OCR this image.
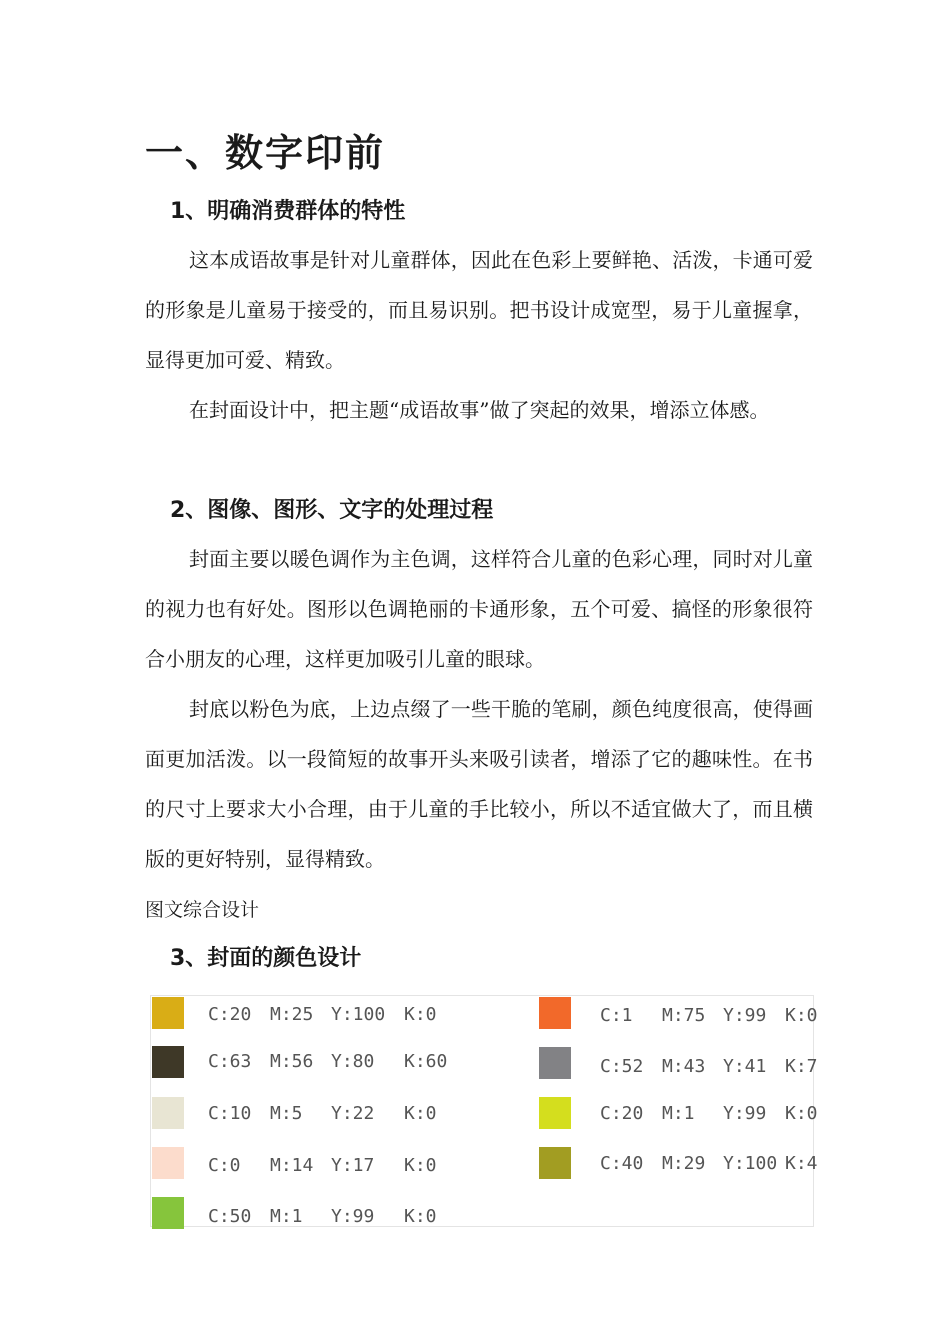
一、数字印前
1、明确消费群体的特性

这本成语故事是针对儿童群体，因此在色彩上要鲜艳、活泼，卡通可爱的形象是儿童易于接受的，而且易识别。把书设计成宽型，易于儿童握拿，显得更加可爱、精致。

在封面设计中，把主题“成语故事”做了突起的效果，增添立体感。

2、图像、图形、文字的处理过程

封面主要以暖色调作为主色调，这样符合儿童的色彩心理，同时对儿童的视力也有好处。图形以色调艳丽的卡通形象，五个可爱、搞怪的形象很符合小朋友的心理，这样更加吸引儿童的眼球。

封底以粉色为底，上边点缀了一些干脆的笔刷，颜色纯度很高，使得画面更加活泼。以一段简短的故事开头来吸引读者，增添了它的趣味性。在书的尺寸上要求大小合理，由于儿童的手比较小，所以不适宜做大了，而且横版的更好特别，显得精致。

图文综合设计

3、封面的颜色设计
C:20 M:25 Y:100 K:0
C:63 M:56 Y:80 K:60
C:10 M:5 Y:22 K:0
C:0 M:14 Y:17 K:0
C:50 M:1 Y:99 K:0
C:1 M:75 Y:99 K:0
C:52 M:43 Y:41 K:7
C:20 M:1 Y:99 K:0
C:40 M:29 Y:100 K:4
